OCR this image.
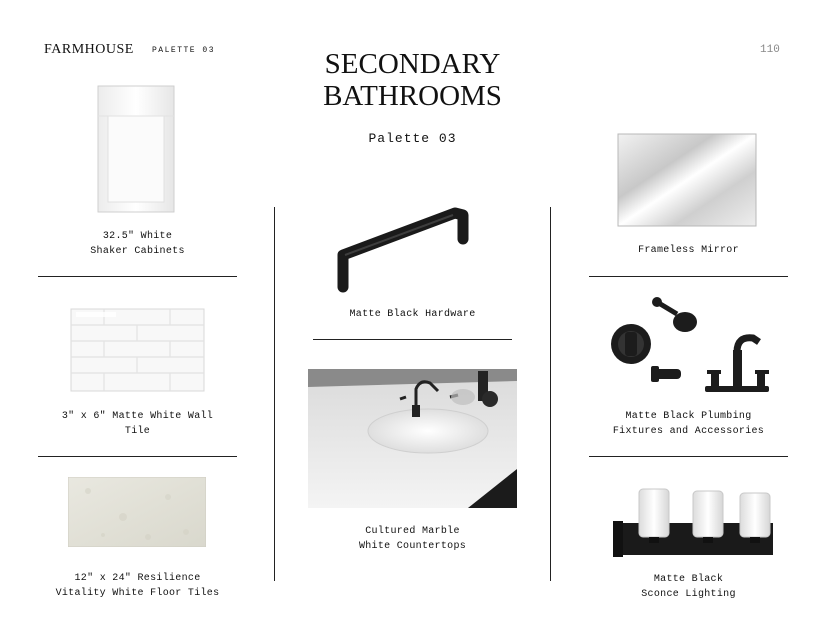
FARMHOUSE PALETTE 03	110
SECONDARY
BATHROOMS
Palette 03
32.5″ White
Shaker Cabinets
3″ x 6″ Matte White Wall
Tile
12″ x 24″ Resilience
Vitality White Floor Tiles
Matte Black Hardware
Cultured Marble
White Countertops
Frameless Mirror
Matte Black Plumbing
Fixtures and Accessories
Matte Black
Sconce Lighting
